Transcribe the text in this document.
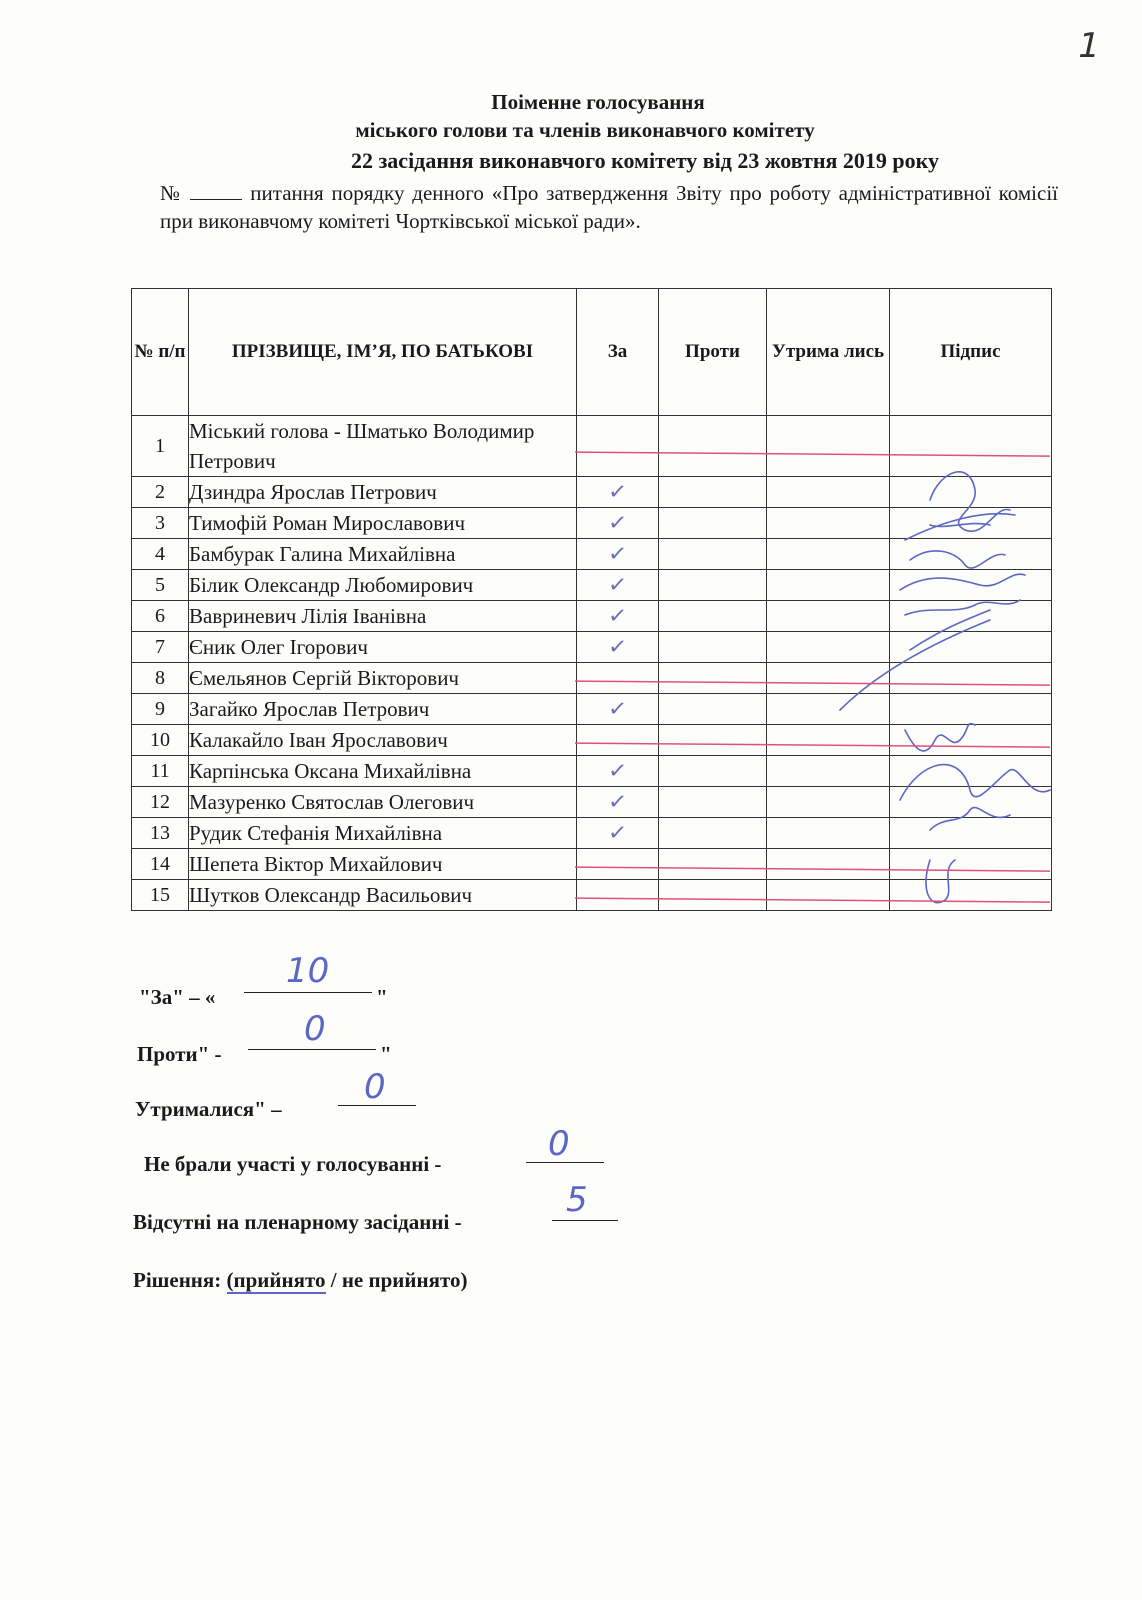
1
Поіменне голосування
міського голови та членів виконавчого комітету
22 засідання виконавчого комітету від 23 жовтня 2019 року
№	питання порядку денного «Про затвердження Звіту про роботу адміністративної комісії при виконавчому комітеті Чортківської міської ради».
№ п/п	ПРІЗВИЩЕ, ІМ’Я, ПО БАТЬКОВІ	За	Проти	Утрима лись	Підпис
1	Міський голова - Шматько Володимир Петрович				
2	Дзиндра Ярослав Петрович	✓			

3	Тимофій Роман Мирославович	✓			

4	Бамбурак Галина Михайлівна	✓			

5	Білик Олександр Любомирович	✓			

6	Вавриневич Лілія Іванівна	✓			

7	Єник Олег Ігорович	✓			

8	Ємельянов Сергій Вікторович				
9	Загайко Ярослав Петрович	✓			

10	Калакайло Іван Ярославович				
11	Карпінська Оксана Михайлівна	✓			

12	Мазуренко Святослав Олегович	✓			

13	Рудик Стефанія Михайлівна	✓			

14	Шепета Віктор Михайлович				
15	Шутков Олександр Васильович				
"За" – «	"
10
Проти" -	"
0
Утрималися" –
0
Не брали участі у голосуванні -	0
Відсутні на пленарному засіданні -
5
Рішення: (прийнято / не прийнято)
